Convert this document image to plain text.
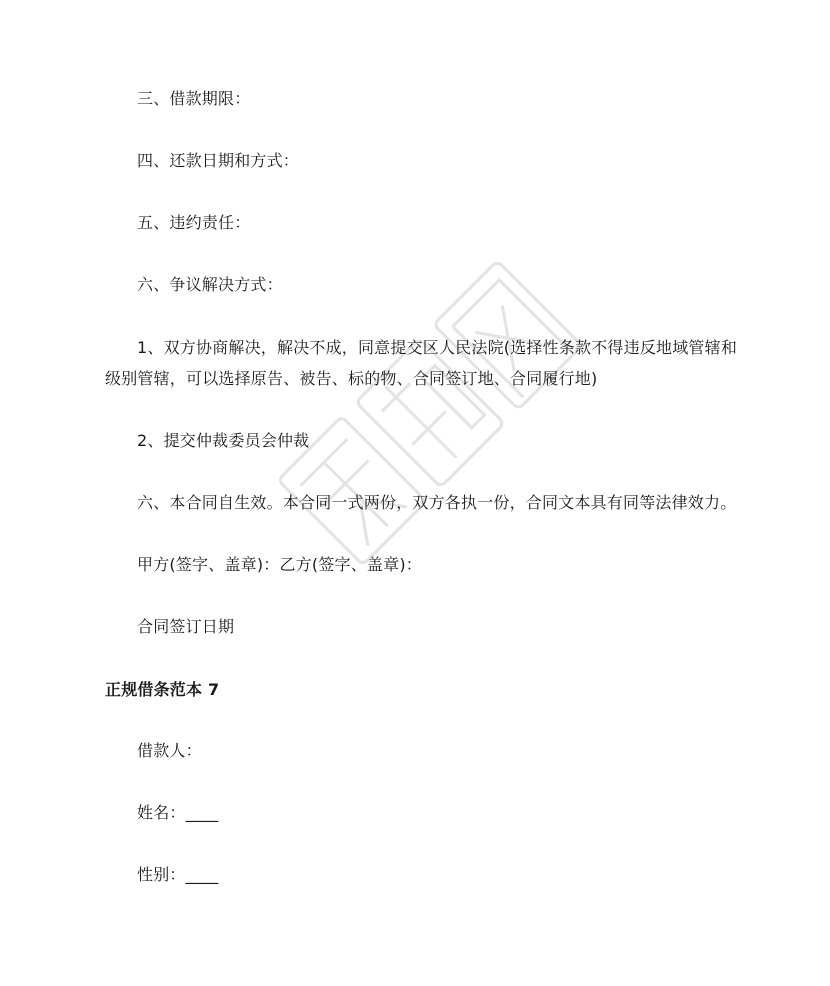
三、借款期限：
四、还款日期和方式：
五、违约责任：
六、争议解决方式：
1、双方协商解决，解决不成，同意提交区人民法院(选择性条款不得违反地域管辖和
级别管辖，可以选择原告、被告、标的物、合同签订地、合同履行地)
2、提交仲裁委员会仲裁
六、本合同自生效。本合同一式两份，双方各执一份，合同文本具有同等法律效力。
甲方(签字、盖章)：乙方(签字、盖章)：
合同签订日期
正规借条范本 7
借款人：
姓名：____
性别：____
